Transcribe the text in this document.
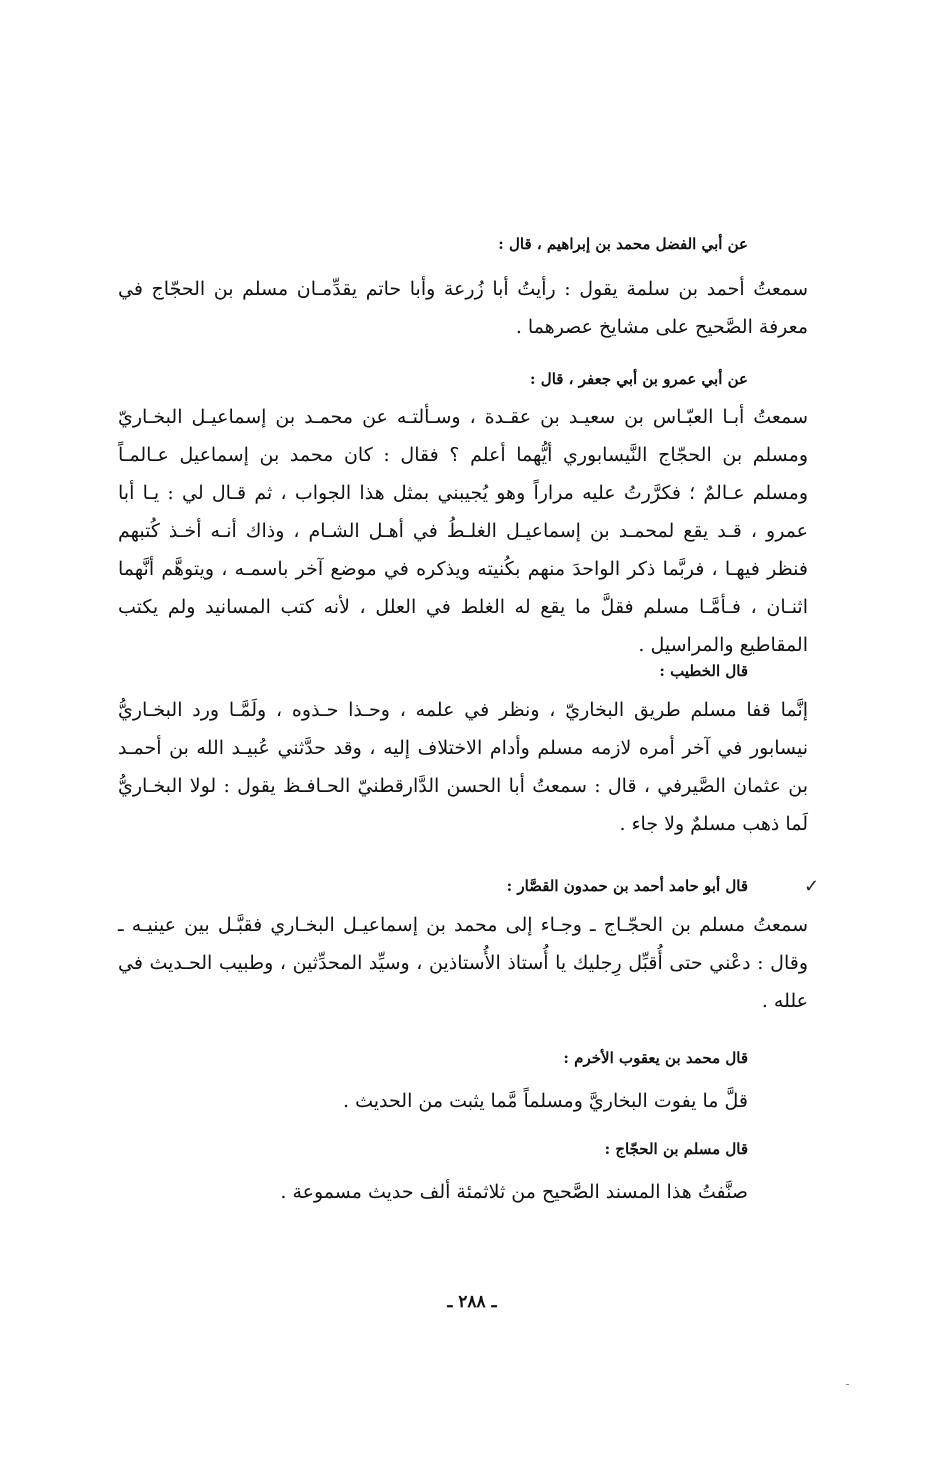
عن أبي الفضل محمد بن إبراهيم ، قال :

سمعتُ أحمد بن سلمة يقول : رأيتُ أبا زُرعة وأبا حاتم يقدِّمـان مسلم بن الحجّاج في معرفة الصَّحيح على مشايخ عصرهما .

عن أبي عمرو بن أبي جعفر ، قال :

سمعتُ أبـا العبّـاس بن سعيـد بن عقـدة ، وسـألتـه عن محمـد بن إسماعيـل البخـاريّ ومسلم بن الحجّاج النَّيسابوري أيُّهما أعلم ؟ فقال : كان محمد بن إسماعيل عـالمـاً ومسلم عـالمٌ ؛ فكرَّرتُ عليه مراراً وهو يُجيبني بمثل هذا الجواب ، ثم قـال لي : يـا أبا عمرو ، قـد يقع لمحمـد بن إسماعيـل الغلـطُ في أهـل الشـام ، وذاك أنـه أخـذ كُتبهم فنظر فيهـا ، فربَّما ذكر الواحدَ منهم بكُنيته ويذكره في موضع آخر باسمـه ، ويتوهَّم أنَّهما اثنـان ، فـأمَّـا مسلم فقلَّ ما يقع له الغلط في العلل ، لأنه كتب المسانيد ولم يكتب المقاطيع والمراسيل .

قال الخطيب :

إنَّما قفا مسلم طريق البخاريّ ، ونظر في علمه ، وحـذا حـذوه ، ولَمَّـا ورد البخـاريُّ نيسابور في آخر أمره لازمه مسلم وأدام الاختلاف إليه ، وقد حدَّثني عُبيـد الله بن أحمـد بن عثمان الصَّيرفي ، قال : سمعتُ أبا الحسن الدَّارقطنيّ الحـافـظ يقول : لولا البخـاريُّ لَما ذهب مسلمٌ ولا جاء .

✓
قال أبو حامد أحمد بن حمدون القصَّار :

سمعتُ مسلم بن الحجّـاج ـ وجـاء إلى محمد بن إسماعيـل البخـاري فقبَّـل بين عينيـه ـ وقال : دعْني حتى أُقبِّل رِجليك يا أُستاذ الأُستاذين ، وسيِّد المحدِّثين ، وطبيب الحـديث في علله .

قال محمد بن يعقوب الأخرم :
قلَّ ما يفوت البخاريَّ ومسلماً مَّما يثبت من الحديث .
قال مسلم بن الحجّاج :
صنَّفتُ هذا المسند الصَّحيح من ثلاثمئة ألف حديث مسموعة .
ـ ٢٨٨ ـ
